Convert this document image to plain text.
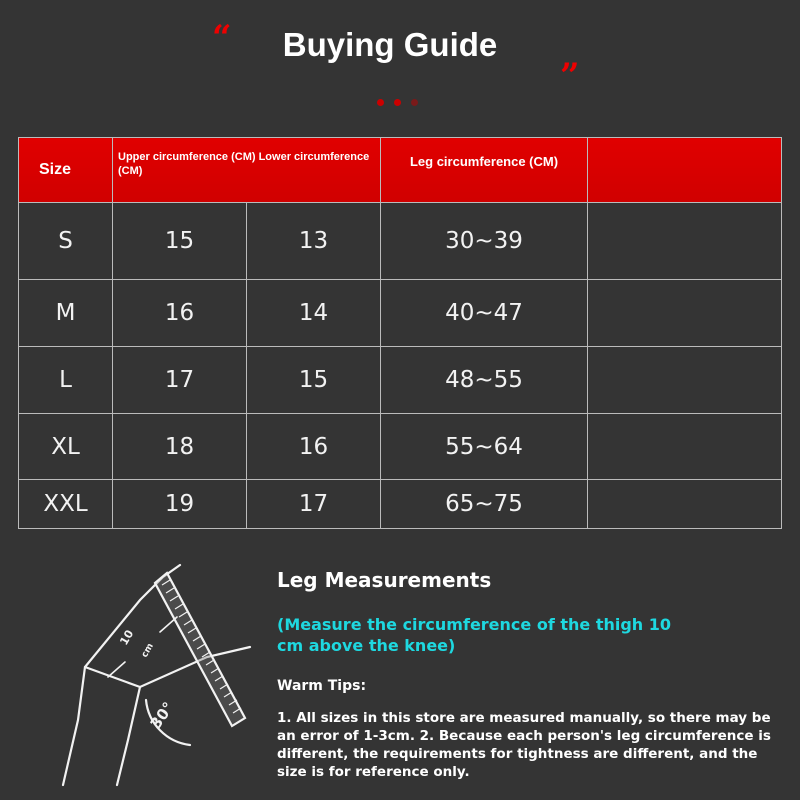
“	Buying Guide
”
Size	Upper circumference (CM) Lower circumference (CM)		Leg circumference (CM)	
S	15	13	30~39	
M	16	14	40~47	
L	17	15	48~55	
XL	18	16	55~64	
XXL	19	17	65~75	
10
cm
30°
Leg Measurements
(Measure the circumference of the thigh 10 cm above the knee)
Warm Tips:
1. All sizes in this store are measured manually, so there may be an error of 1-3cm. 2. Because each person's leg circumference is different, the requirements for tightness are different, and the size is for reference only.
